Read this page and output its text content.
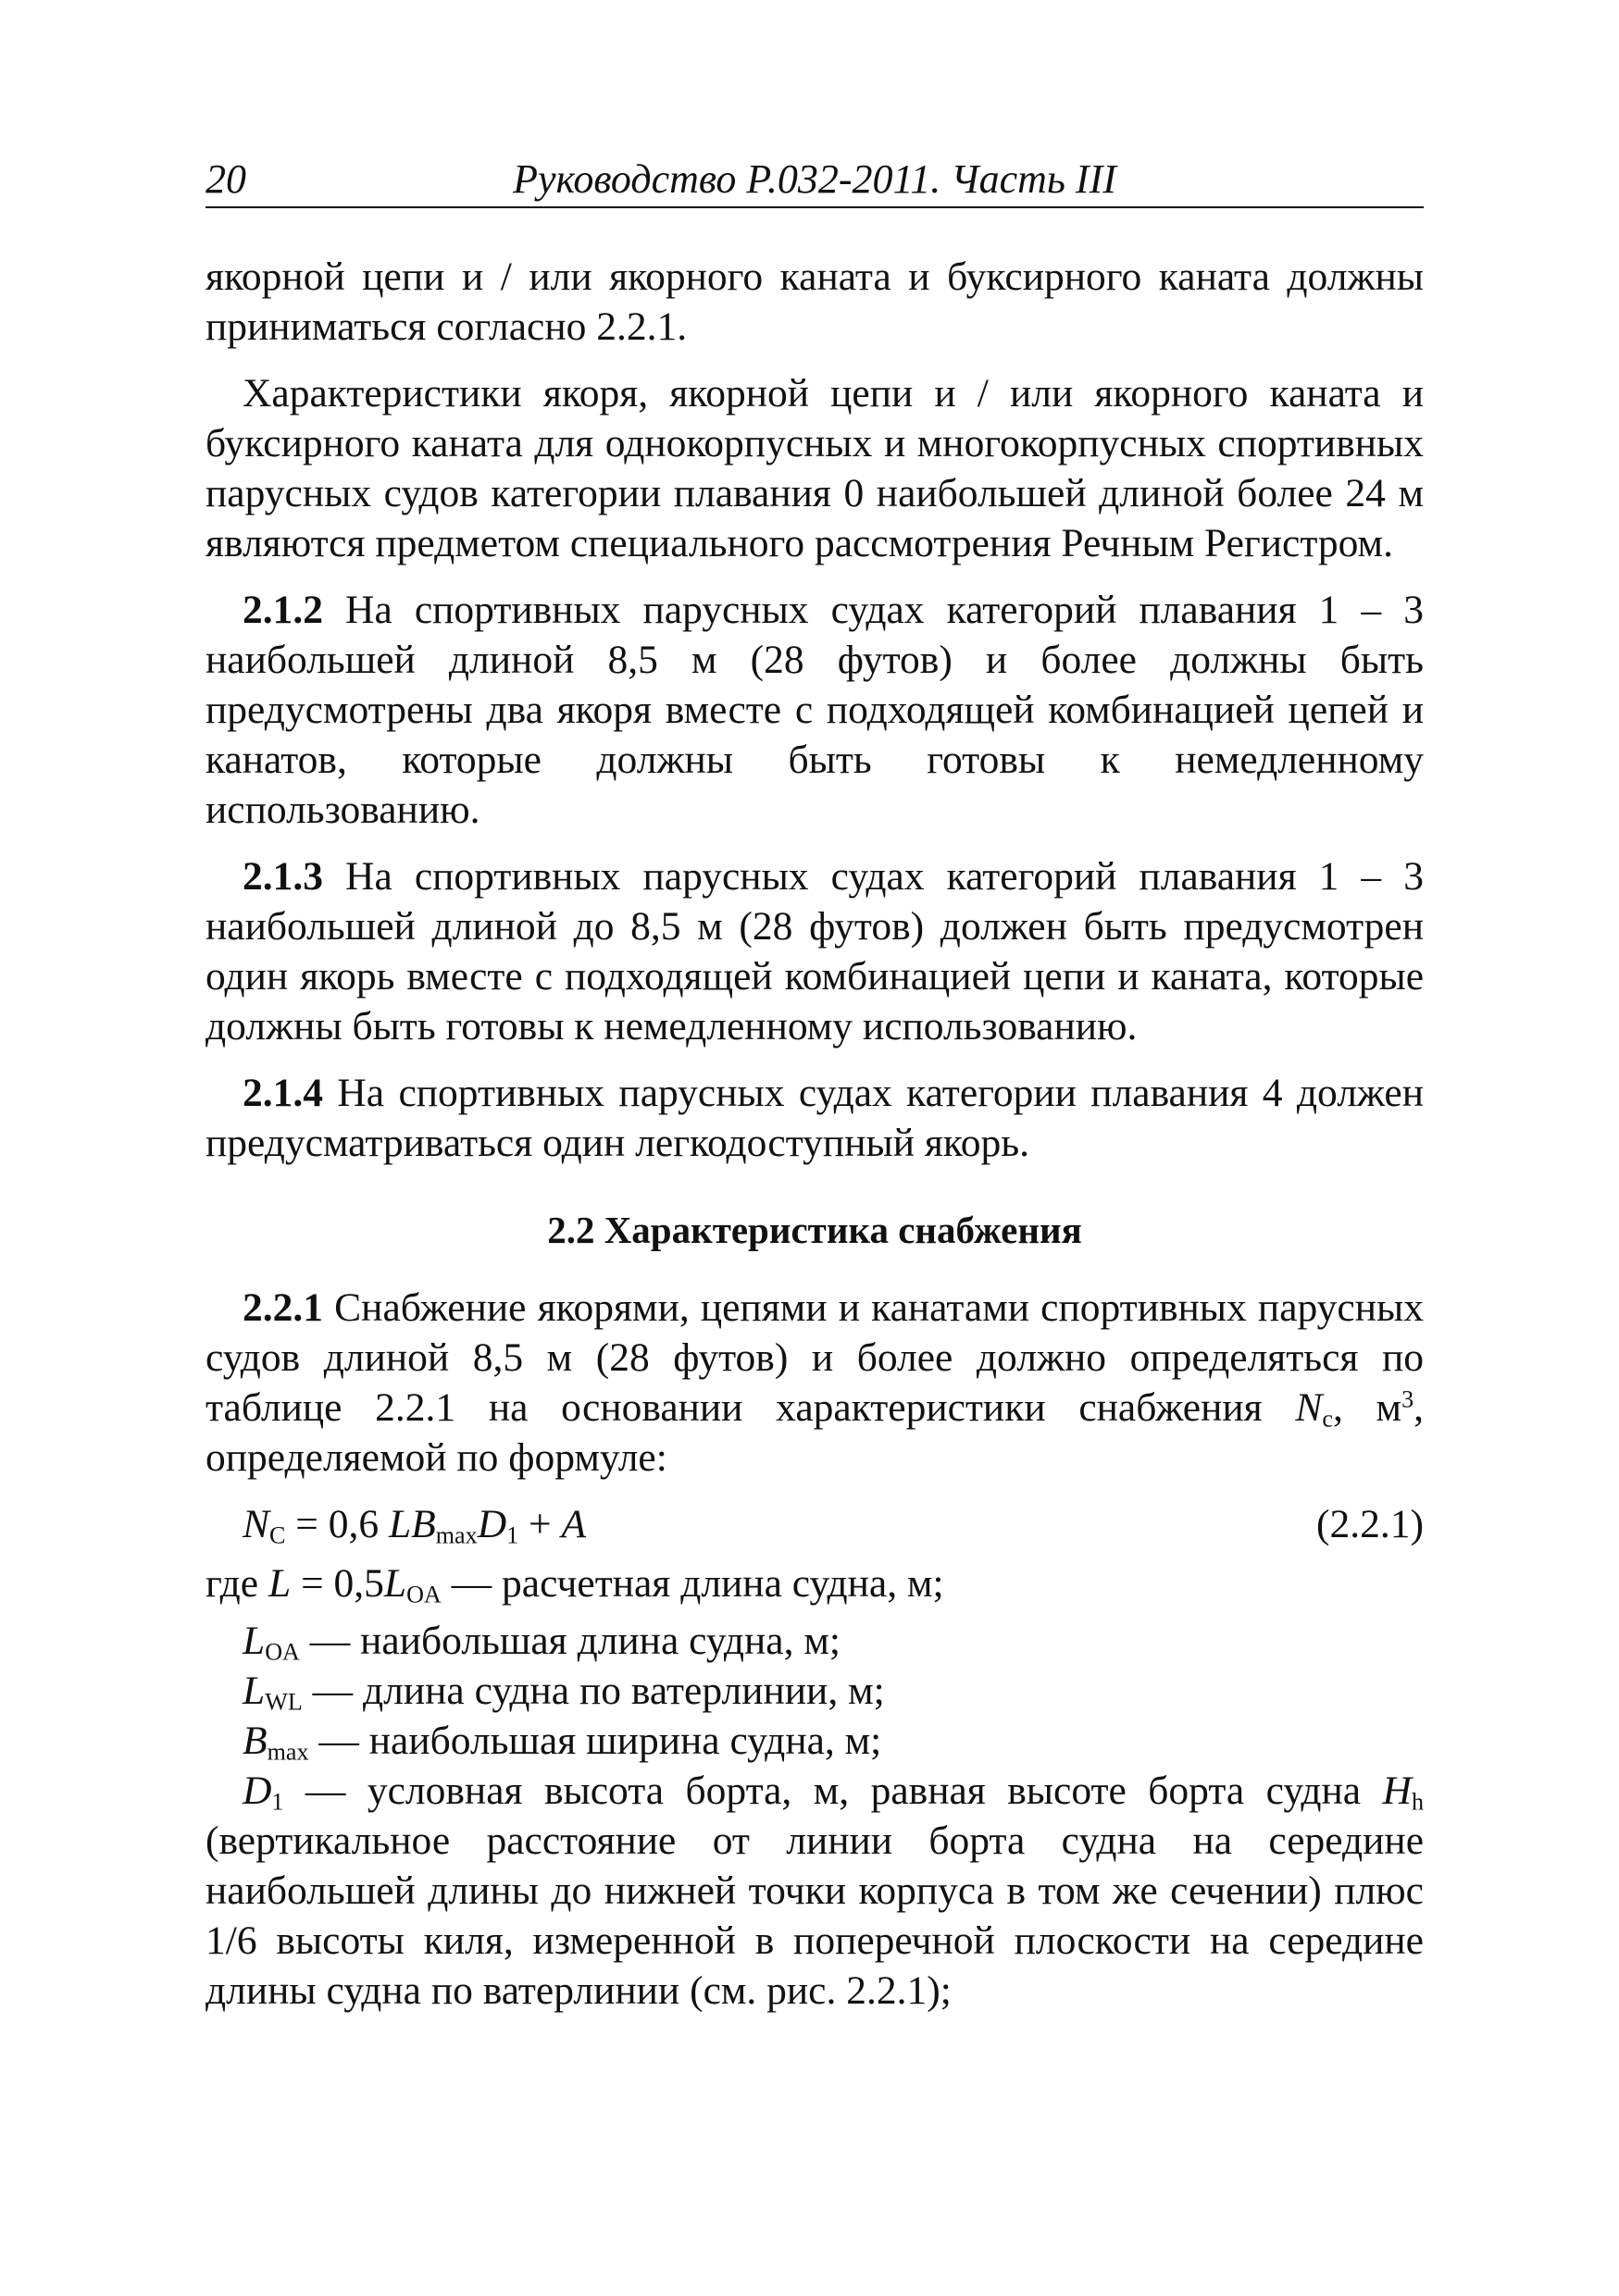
20	Руководство Р.032-2011. Часть III

якорной цепи и / или якорного каната и буксирного каната должны приниматься согласно 2.2.1.

Характеристики якоря, якорной цепи и / или якорного каната и буксирного каната для однокорпусных и многокорпусных спортивных парусных судов категории плавания 0 наибольшей длиной более 24 м являются предметом специального рассмотрения Речным Регистром.

2.1.2 На спортивных парусных судах категорий плавания 1 – 3 наибольшей длиной 8,5 м (28 футов) и более должны быть предусмотрены два якоря вместе с подходящей комбинацией цепей и канатов, которые должны быть готовы к немедленному использованию.

2.1.3 На спортивных парусных судах категорий плавания 1 – 3 наибольшей длиной до 8,5 м (28 футов) должен быть предусмотрен один якорь вместе с подходящей комбинацией цепи и каната, которые должны быть готовы к немедленному использованию.

2.1.4 На спортивных парусных судах категории плавания 4 должен предусматриваться один легкодоступный якорь.

2.2 Характеристика снабжения

2.2.1 Снабжение якорями, цепями и канатами спортивных парусных судов длиной 8,5 м (28 футов) и более должно определяться по таблице 2.2.1 на основании характеристики снабжения $N_c$, $м^3$, определяемой по формуле:

$N_C = 0,6$ $LB_{max}D_1 + A$	(2.2.1)

где $L = 0,5L_{OA}$ — расчетная длина судна, м;

$L_{OA}$ — наибольшая длина судна, м;

$L_{WL}$ — длина судна по ватерлинии, м;

$B_{max}$ — наибольшая ширина судна, м;

$D_1$ — условная высота борта, м, равная высоте борта судна $H_h$ (вертикальное расстояние от линии борта судна на середине наибольшей длины до нижней точки корпуса в том же сечении) плюс 1/6 высоты киля, измеренной в поперечной плоскости на середине длины судна по ватерлинии (см. рис. 2.2.1);
